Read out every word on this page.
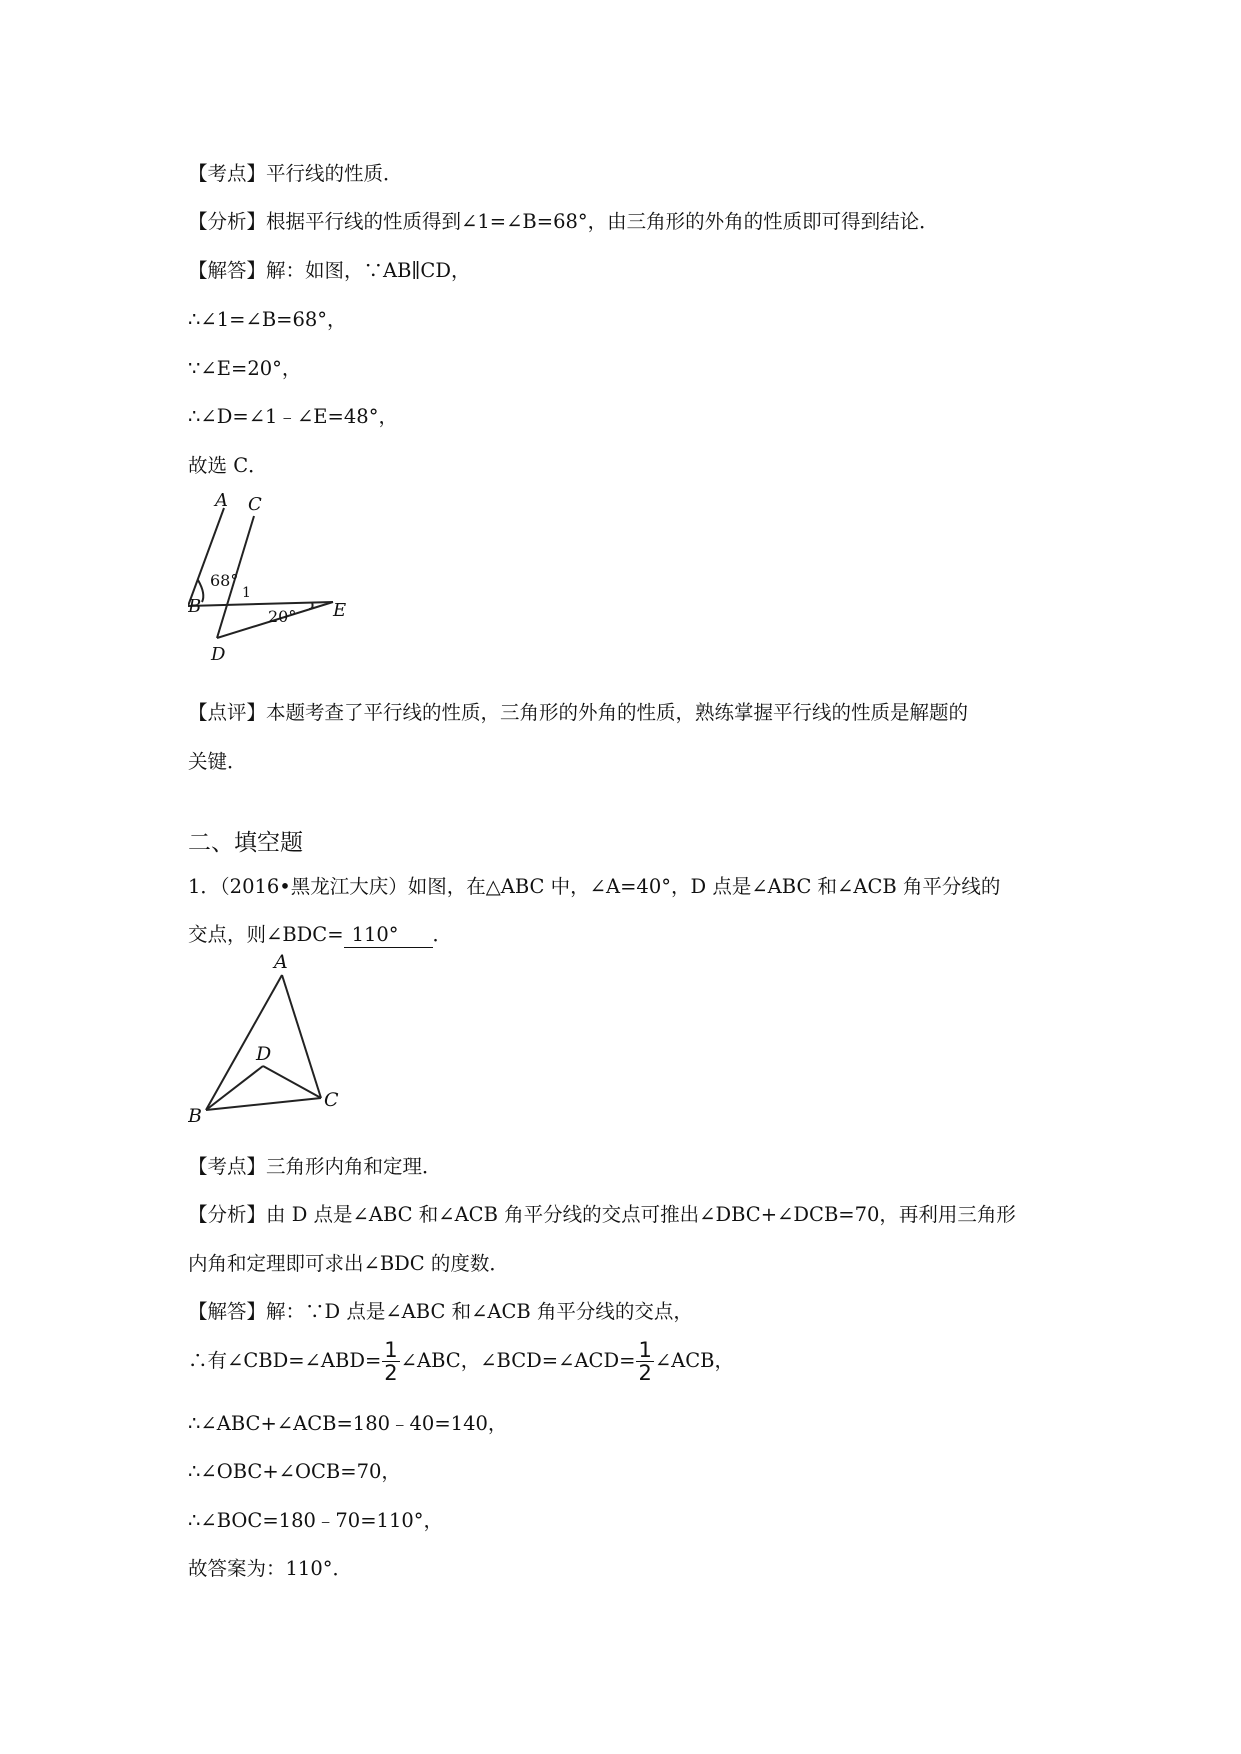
【考点】平行线的性质．
【分析】根据平行线的性质得到∠1=∠B=68°，由三角形的外角的性质即可得到结论．
【解答】解：如图，∵AB∥CD，
∴∠1=∠B=68°，
∵∠E=20°，
∴∠D=∠1﹣∠E=48°，
故选 C．
A C
B	E
D
1
68°
20°
【点评】本题考查了平行线的性质，三角形的外角的性质，熟练掌握平行线的性质是解题的
关键．
二、填空题
1．（2016•黑龙江大庆）如图，在△ABC 中，∠A=40°，D 点是∠ABC 和∠ACB 角平分线的
交点，则∠BDC= 110° ．
A
B
C
D
【考点】三角形内角和定理．
【分析】由 D 点是∠ABC 和∠ACB 角平分线的交点可推出∠DBC+∠DCB=70，再利用三角形
内角和定理即可求出∠BDC 的度数．
【解答】解：∵D 点是∠ABC 和∠ACB 角平分线的交点，
∴有∠CBD=∠ABD= $\frac{1}{2}$ ∠ABC，∠BCD=∠ACD= $\frac{1}{2}$ ∠ACB，
∴∠ABC+∠ACB=180﹣40=140，
∴∠OBC+∠OCB=70，
∴∠BOC=180﹣70=110°，
故答案为：110°．
